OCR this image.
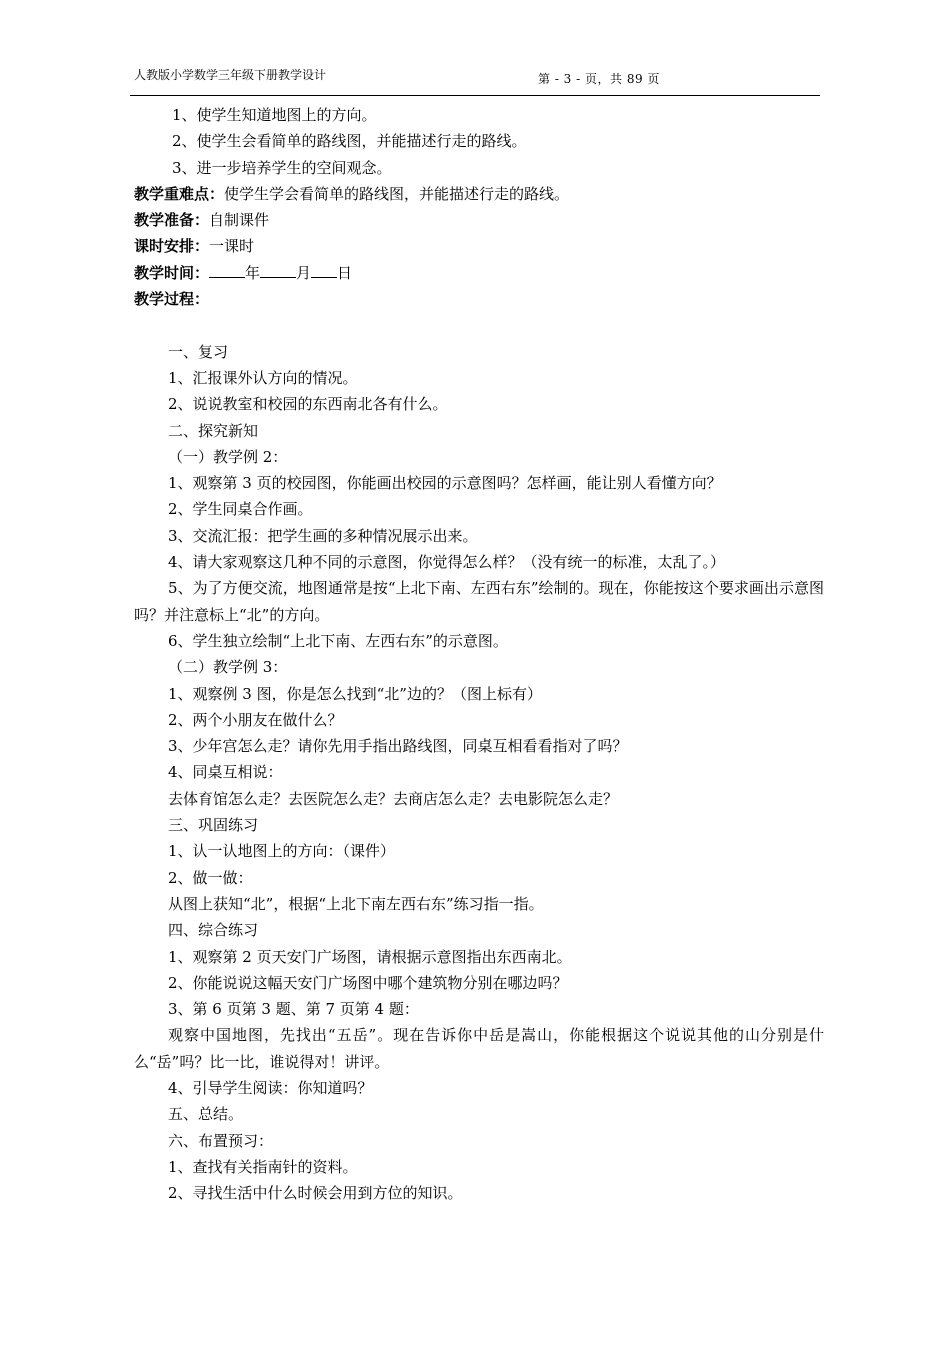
人教版小学数学三年级下册教学设计	第 - 3 - 页，共 89 页
1、使学生知道地图上的方向。
2、使学生会看简单的路线图，并能描述行走的路线。
3、进一步培养学生的空间观念。
教学重难点：使学生学会看简单的路线图，并能描述行走的路线。
教学准备：自制课件
课时安排：一课时
教学时间： 年 月 日
教学过程：
一、复习
1、汇报课外认方向的情况。
2、说说教室和校园的东西南北各有什么。
二、探究新知
（一）教学例 2：
1、观察第 3 页的校园图，你能画出校园的示意图吗？怎样画，能让别人看懂方向？
2、学生同桌合作画。
3、交流汇报：把学生画的多种情况展示出来。
4、请大家观察这几种不同的示意图，你觉得怎么样？（没有统一的标准，太乱了。）
5、为了方便交流，地图通常是按“上北下南、左西右东”绘制的。现在，你能按这个要求画出示意图吗？并注意标上“北”的方向。
6、学生独立绘制“上北下南、左西右东”的示意图。
（二）教学例 3：
1、观察例 3 图，你是怎么找到“北”边的？（图上标有）
2、两个小朋友在做什么？
3、少年宫怎么走？请你先用手指出路线图，同桌互相看看指对了吗？
4、同桌互相说：
去体育馆怎么走？去医院怎么走？去商店怎么走？去电影院怎么走？
三、巩固练习
1、认一认地图上的方向：（课件）
2、做一做：
从图上获知“北”，根据“上北下南左西右东”练习指一指。
四、综合练习
1、观察第 2 页天安门广场图，请根据示意图指出东西南北。
2、你能说说这幅天安门广场图中哪个建筑物分别在哪边吗？
3、第 6 页第 3 题、第 7 页第 4 题：
观察中国地图，先找出“五岳”。现在告诉你中岳是嵩山，你能根据这个说说其他的山分别是什么“岳”吗？比一比，谁说得对！讲评。
4、引导学生阅读：你知道吗？
五、总结。
六、布置预习：
1、查找有关指南针的资料。
2、寻找生活中什么时候会用到方位的知识。
